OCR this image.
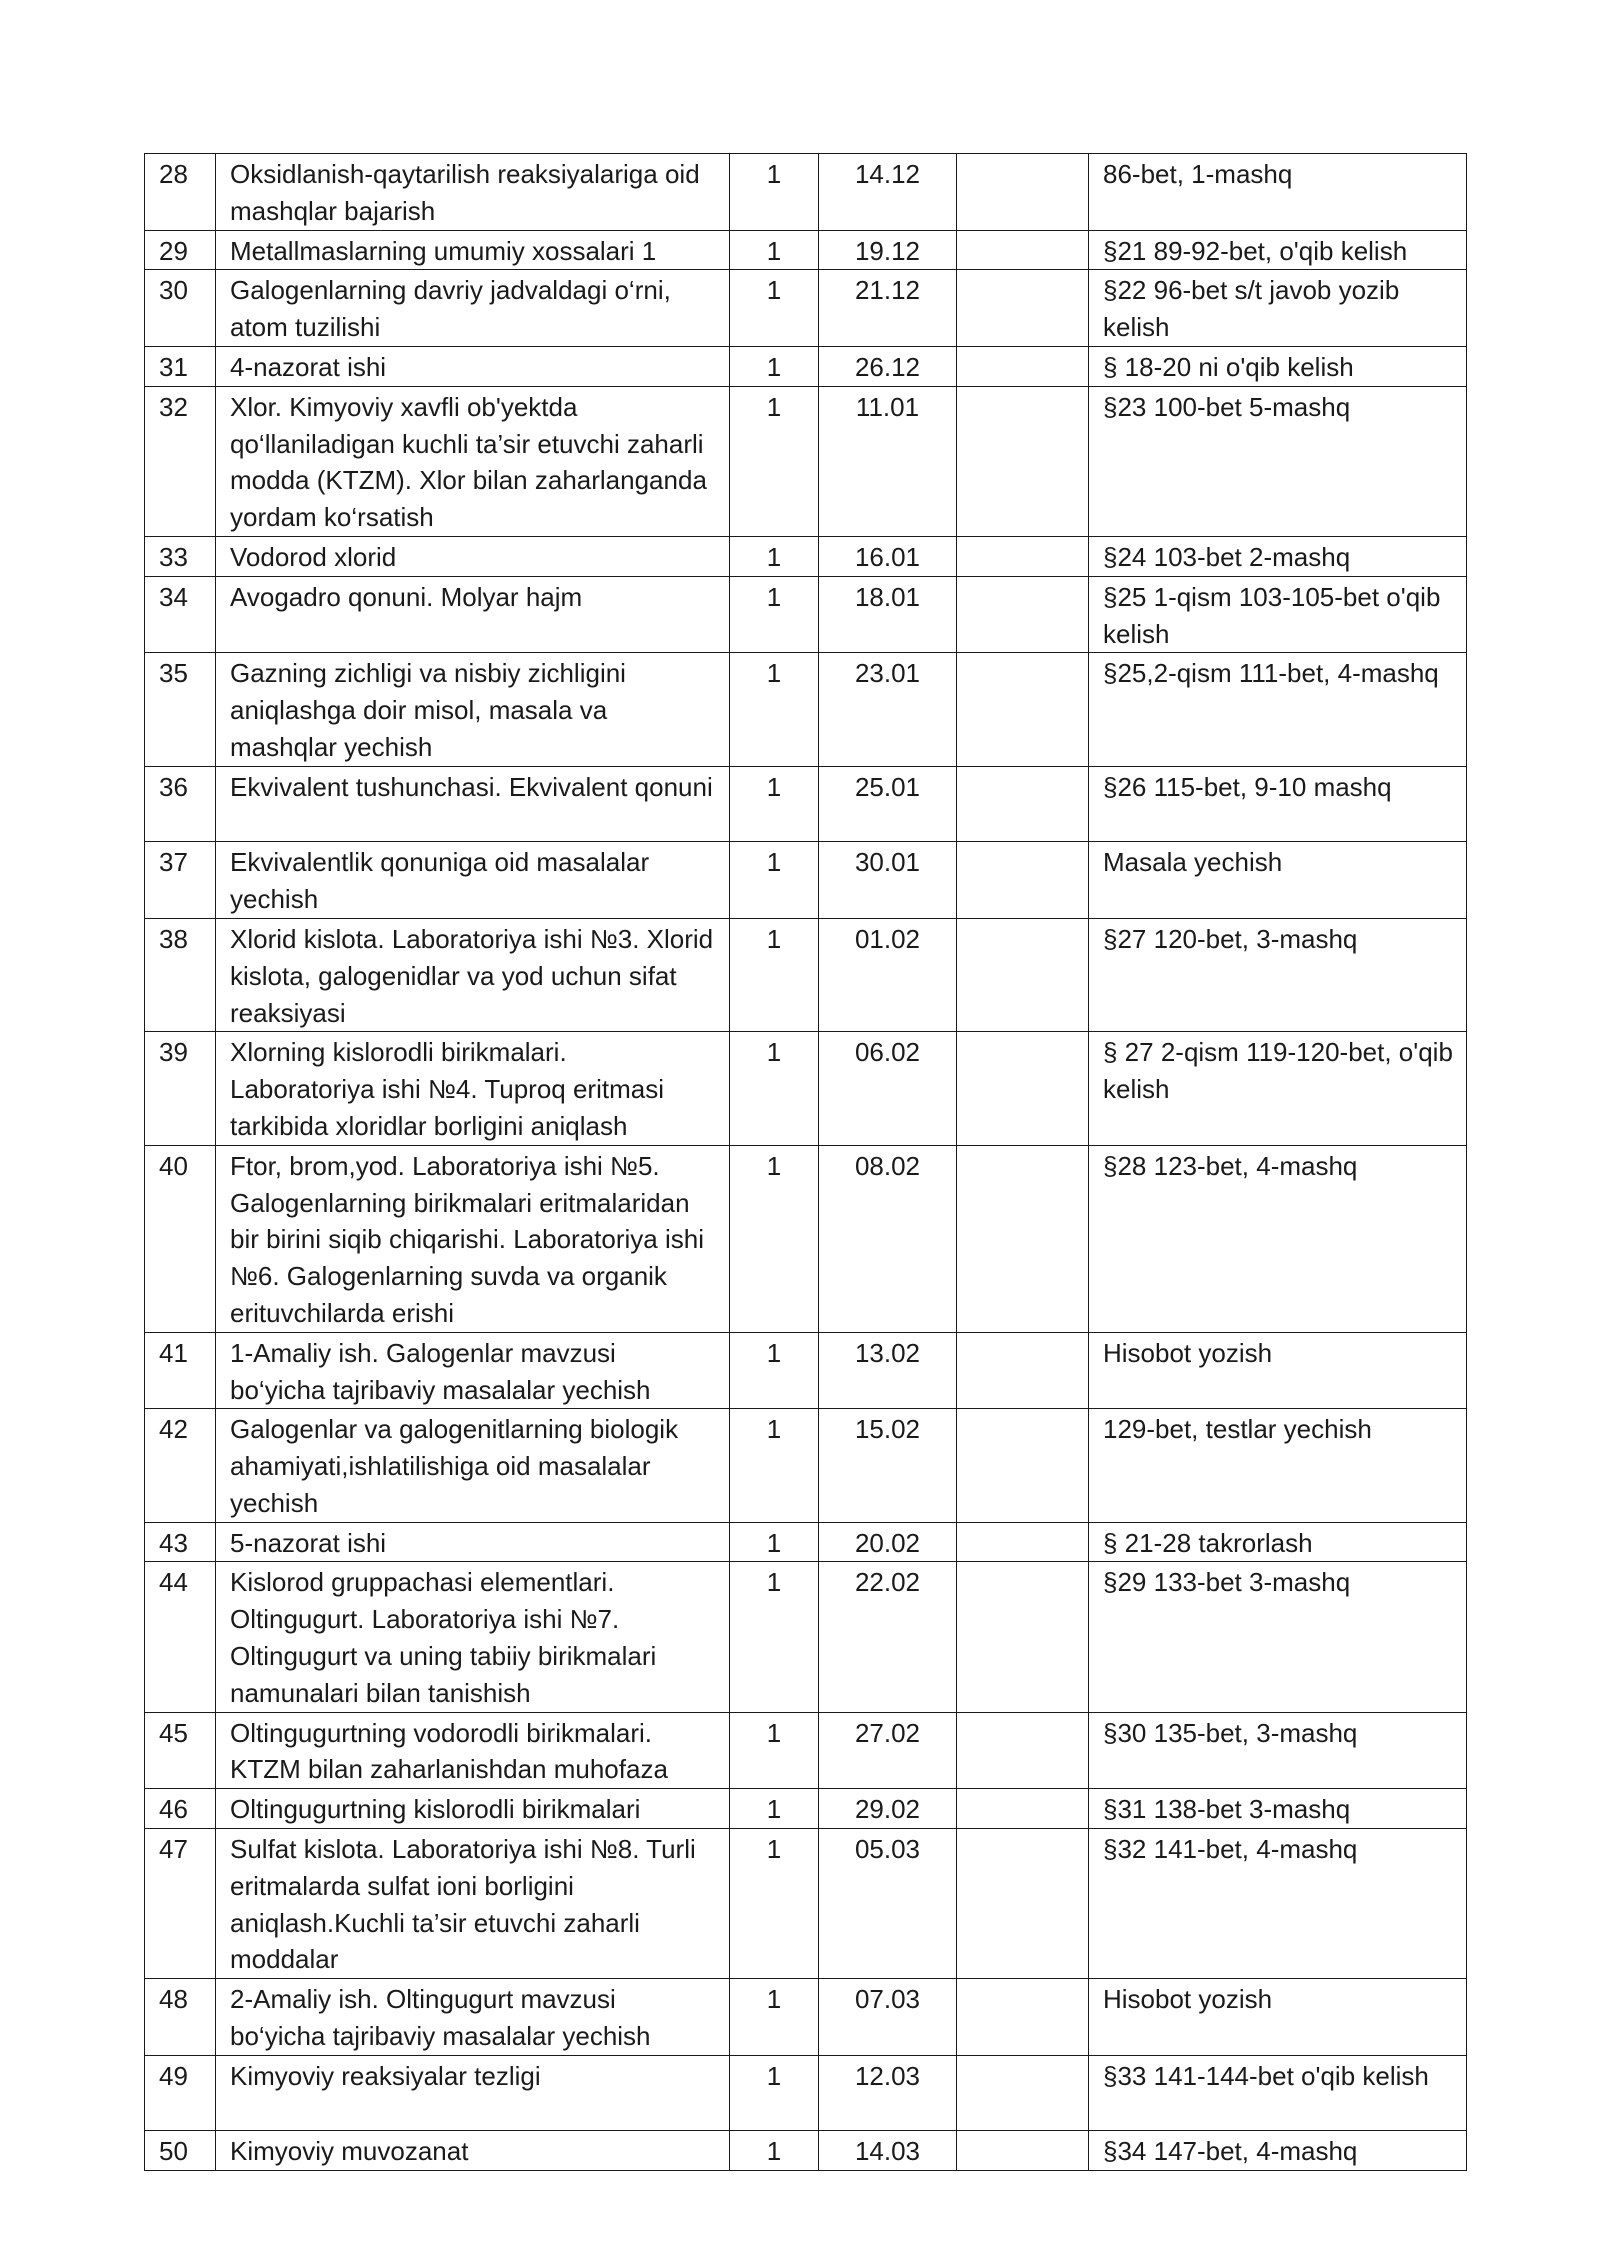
28	Oksidlanish-qaytarilish reaksiyalariga oid mashqlar bajarish	1	14.12		86-bet, 1-mashq
29	Metallmaslarning umumiy xossalari 1	1	19.12		§21 89-92-bet, o'qib kelish
30	Galogenlarning davriy jadvaldagi o‘rni, atom tuzilishi	1	21.12		§22 96-bet s/t javob yozib kelish
31	4-nazorat ishi	1	26.12		§ 18-20 ni o'qib kelish
32	Xlor. Kimyoviy xavfli ob'yektda qo‘llaniladigan kuchli ta’sir etuvchi zaharli modda (KTZM). Xlor bilan zaharlanganda yordam ko‘rsatish	1	11.01		§23 100-bet 5-mashq
33	Vodorod xlorid	1	16.01		§24 103-bet 2-mashq
34	Avogadro qonuni. Molyar hajm	1	18.01		§25 1-qism 103-105-bet o'qib kelish
35	Gazning zichligi va nisbiy zichligini aniqlashga doir misol, masala va mashqlar yechish	1	23.01		§25,2-qism 111-bet, 4-mashq
36	Ekvivalent tushunchasi. Ekvivalent qonuni	1	25.01		§26 115-bet, 9-10 mashq
37	Ekvivalentlik qonuniga oid masalalar yechish	1	30.01		Masala yechish
38	Xlorid kislota. Laboratoriya ishi №3. Xlorid kislota, galogenidlar va yod uchun sifat reaksiyasi	1	01.02		§27 120-bet, 3-mashq
39	Xlorning kislorodli birikmalari. Laboratoriya ishi №4. Tuproq eritmasi tarkibida xloridlar borligini aniqlash	1	06.02		§ 27 2-qism 119-120-bet, o'qib kelish
40	Ftor, brom,yod. Laboratoriya ishi №5. Galogenlarning birikmalari eritmalaridan bir birini siqib chiqarishi. Laboratoriya ishi №6. Galogenlarning suvda va organik erituvchilarda erishi	1	08.02		§28 123-bet, 4-mashq
41	1-Amaliy ish. Galogenlar mavzusi bo‘yicha tajribaviy masalalar yechish	1	13.02		Hisobot yozish
42	Galogenlar va galogenitlarning biologik ahamiyati,ishlatilishiga oid masalalar yechish	1	15.02		129-bet, testlar yechish
43	5-nazorat ishi	1	20.02		§ 21-28 takrorlash
44	Kislorod gruppachasi elementlari. Oltingugurt. Laboratoriya ishi №7. Oltingugurt va uning tabiiy birikmalari namunalari bilan tanishish	1	22.02		§29 133-bet 3-mashq
45	Oltingugurtning vodorodli birikmalari. KTZM bilan zaharlanishdan muhofaza	1	27.02		§30 135-bet, 3-mashq
46	Oltingugurtning kislorodli birikmalari	1	29.02		§31 138-bet 3-mashq
47	Sulfat kislota. Laboratoriya ishi №8. Turli eritmalarda sulfat ioni borligini aniqlash.Kuchli ta’sir etuvchi zaharli moddalar	1	05.03		§32 141-bet, 4-mashq
48	2-Amaliy ish. Oltingugurt mavzusi bo‘yicha tajribaviy masalalar yechish	1	07.03		Hisobot yozish
49	Kimyoviy reaksiyalar tezligi	1	12.03		§33 141-144-bet o'qib kelish
50	Kimyoviy muvozanat	1	14.03		§34 147-bet, 4-mashq
